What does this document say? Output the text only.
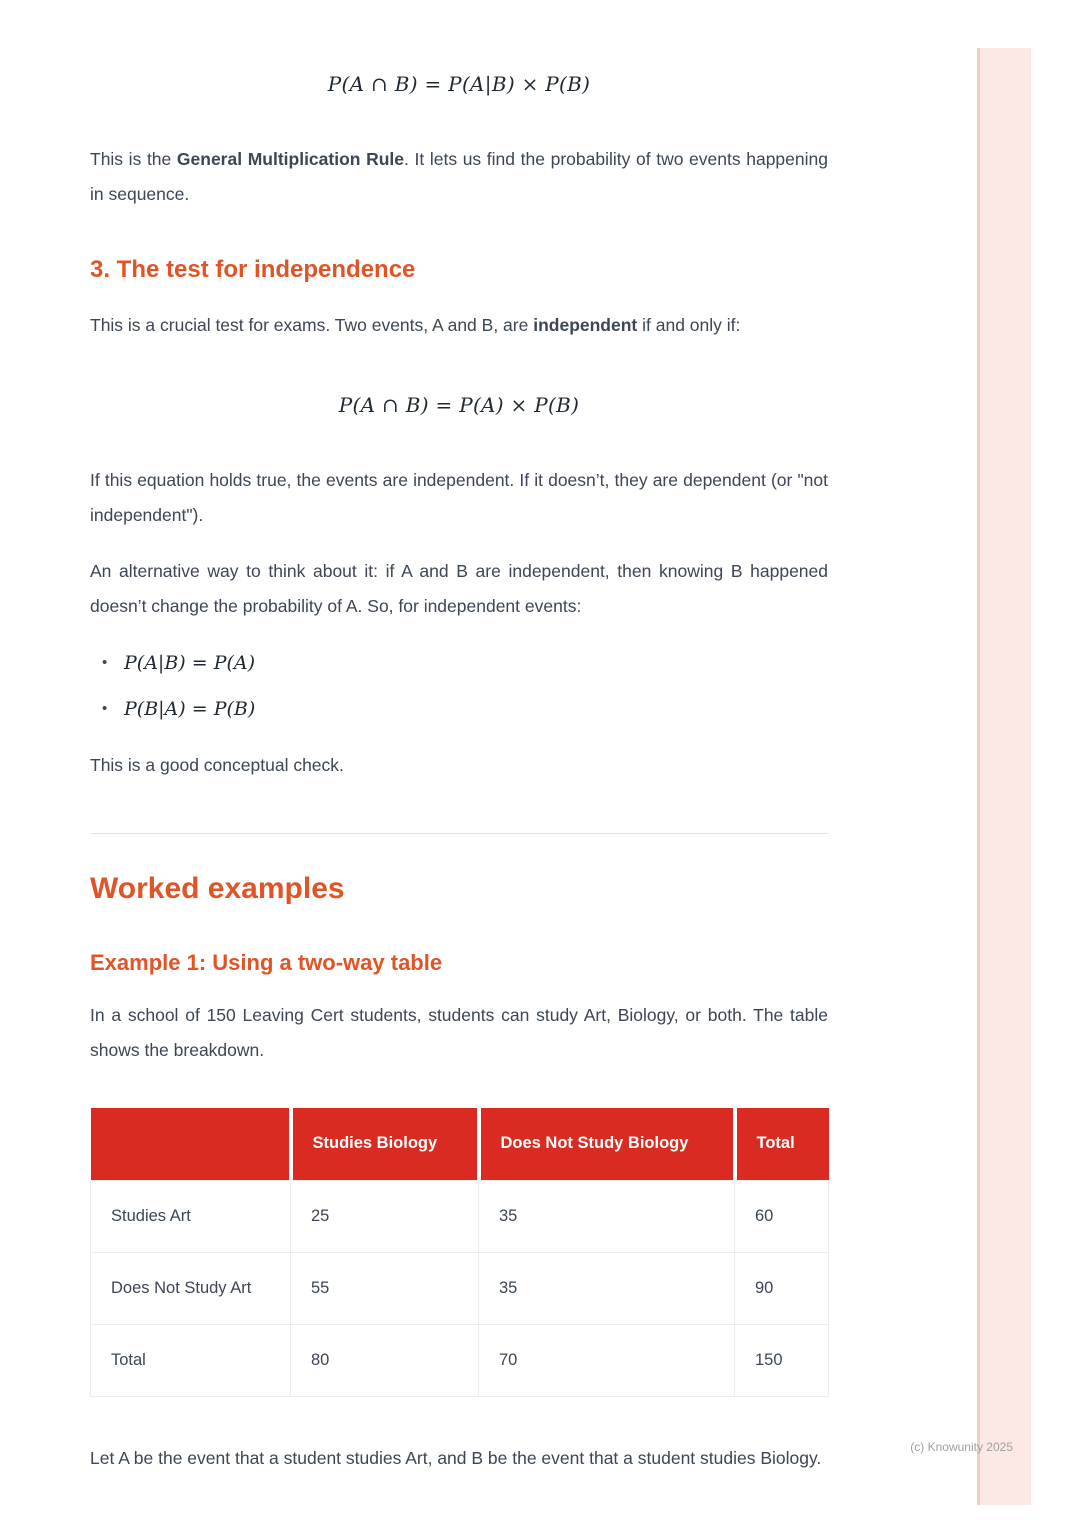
P(A ∩ B) = P(A|B) × P(B)

This is the General Multiplication Rule. It lets us find the probability of two events happening in sequence.

3. The test for independence

This is a crucial test for exams. Two events, A and B, are independent if and only if:

P(A ∩ B) = P(A) × P(B)

If this equation holds true, the events are independent. If it doesn’t, they are dependent (or "not independent").

An alternative way to think about it: if A and B are independent, then knowing B happened doesn’t change the probability of A. So, for independent events:

• P(A|B) = P(A)
• P(B|A) = P(B)

This is a good conceptual check.

Worked examples
Example 1: Using a two-way table

In a school of 150 Leaving Cert students, students can study Art, Biology, or both. The table shows the breakdown.

	Studies Biology	Does Not Study Biology	Total
Studies Art	25	35	60
Does Not Study Art	55	35	90
Total	80	70	150

Let A be the event that a student studies Art, and B be the event that a student studies Biology.

(c) Knowunity 2025
